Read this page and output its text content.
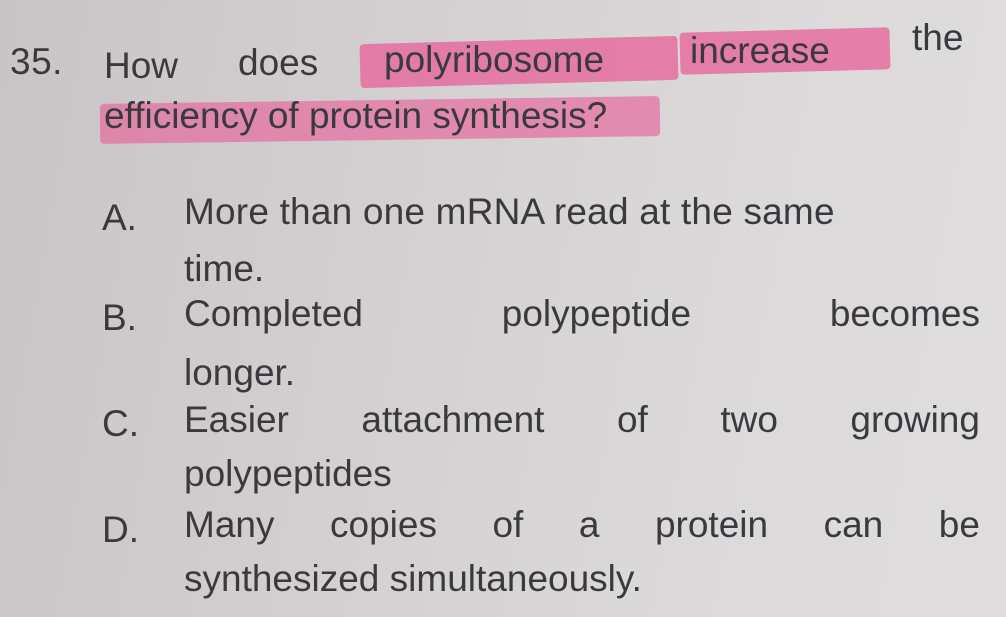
35. How does polyribosome increase the
efficiency of protein synthesis?
A. More than one mRNA read at the same
time.
B. Completed	polypeptide	becomes
longer.
C. Easier attachment of two growing
polypeptides
D. Many copies of a protein can be
synthesized simultaneously.
